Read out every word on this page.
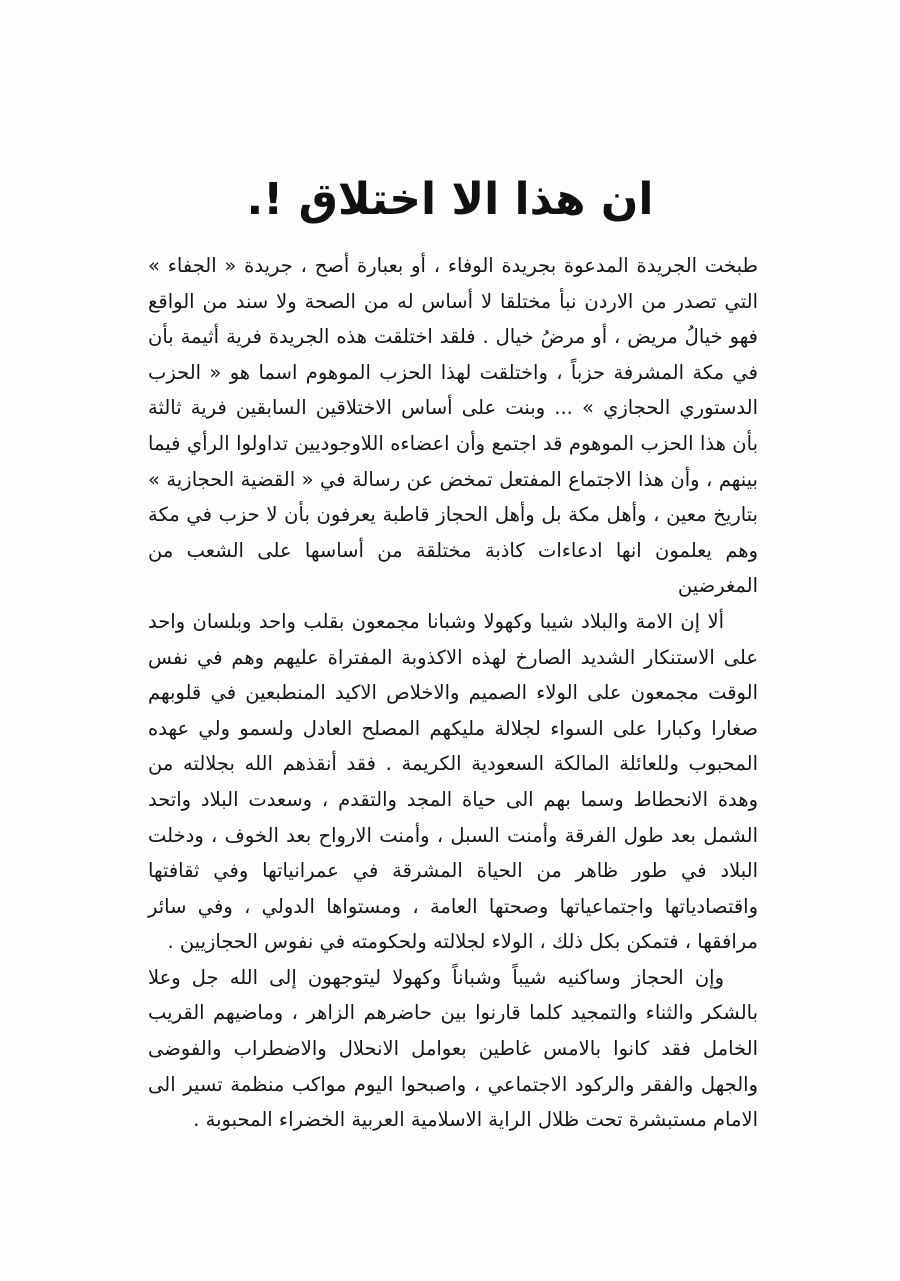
ان هذا الا اختلاق !.

طبخت الجريدة المدعوة بجريدة الوفاء ، أو بعبارة أصح ، جريدة « الجفاء » التي تصدر من الاردن نبأ مختلقا لا أساس له من الصحة ولا سند من الواقع فهو خيالُ مريض ، أو مرضُ خيال . فلقد اختلقت هذه الجريدة فرية أثيمة بأن في مكة المشرفة حزباً ، واختلقت لهذا الحزب الموهوم اسما هو « الحزب الدستوري الحجازي » ... وبنت على أساس الاختلاقين السابقين فرية ثالثة بأن هذا الحزب الموهوم قد اجتمع وأن اعضاءه اللاوجوديين تداولوا الرأي فيما بينهم ، وأن هذا الاجتماع المفتعل تمخض عن رسالة في « القضية الحجازية » بتاريخ معين ، وأهل مكة بل وأهل الحجاز قاطبة يعرفون بأن لا حزب في مكة وهم يعلمون انها ادعاءات كاذبة مختلقة من أساسها على الشعب من المغرضين

ألا إن الامة والبلاد شيبا وكهولا وشبانا مجمعون بقلب واحد وبلسان واحد على الاستنكار الشديد الصارخ لهذه الاكذوبة المفتراة عليهم وهم في نفس الوقت مجمعون على الولاء الصميم والاخلاص الاكيد المنطبعين في قلوبهم صغارا وكبارا على السواء لجلالة مليكهم المصلح العادل ولسمو ولي عهده المحبوب وللعائلة المالكة السعودية الكريمة . فقد أنقذهم الله بجلالته من وهدة الانحطاط وسما بهم الى حياة المجد والتقدم ، وسعدت البلاد واتحد الشمل بعد طول الفرقة وأمنت السبل ، وأمنت الارواح بعد الخوف ، ودخلت البلاد في طور ظاهر من الحياة المشرقة في عمرانياتها وفي ثقافتها واقتصادياتها واجتماعياتها وصحتها العامة ، ومستواها الدولي ، وفي سائر مرافقها ، فتمكن بكل ذلك ، الولاء لجلالته ولحكومته في نفوس الحجازيين .

وإن الحجاز وساكنيه شيباً وشباناً وكهولا ليتوجهون إلى الله جل وعلا بالشكر والثناء والتمجيد كلما قارنوا بين حاضرهم الزاهر ، وماضيهم القريب الخامل فقد كانوا بالامس غاطين بعوامل الانحلال والاضطراب والفوضى والجهل والفقر والركود الاجتماعي ، واصبحوا اليوم مواكب منظمة تسير الى الامام مستبشرة تحت ظلال الراية الاسلامية العربية الخضراء المحبوبة .
